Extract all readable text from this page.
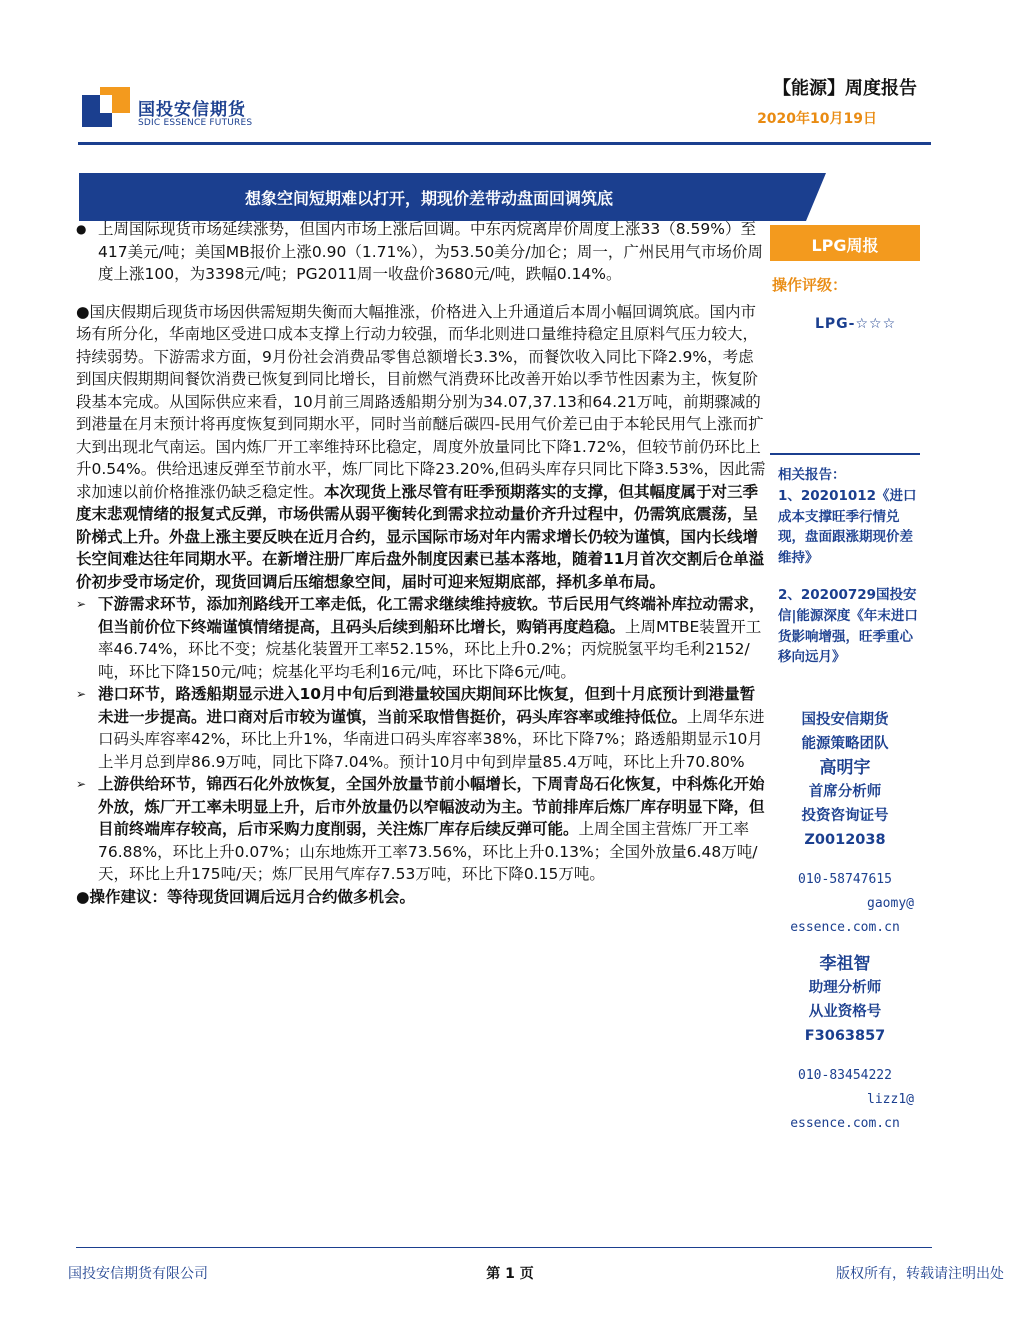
国投安信期货
SDIC ESSENCE FUTURES
【能源】周度报告
2020年10月19日
想象空间短期难以打开，期现价差带动盘面回调筑底
● 上周国际现货市场延续涨势，但国内市场上涨后回调。中东丙烷离岸价周度上涨33（8.59%）至417美元/吨；美国MB报价上涨0.90（1.71%），为53.50美分/加仑；周一，广州民用气市场价周度上涨100，为3398元/吨；PG2011周一收盘价3680元/吨，跌幅0.14%。

●国庆假期后现货市场因供需短期失衡而大幅推涨，价格进入上升通道后本周小幅回调筑底。国内市场有所分化，华南地区受进口成本支撑上行动力较强，而华北则进口量维持稳定且原料气压力较大，持续弱势。下游需求方面，9月份社会消费品零售总额增长3.3%，而餐饮收入同比下降2.9%，考虑到国庆假期期间餐饮消费已恢复到同比增长，目前燃气消费环比改善开始以季节性因素为主，恢复阶段基本完成。从国际供应来看，10月前三周路透船期分别为34.07,37.13和64.21万吨，前期骤减的到港量在月末预计将再度恢复到同期水平，同时当前醚后碳四-民用气价差已由于本轮民用气上涨而扩大到出现北气南运。国内炼厂开工率维持环比稳定，周度外放量同比下降1.72%，但较节前仍环比上升0.54%。供给迅速反弹至节前水平，炼厂同比下降23.20%,但码头库存只同比下降3.53%，因此需求加速以前价格推涨仍缺乏稳定性。本次现货上涨尽管有旺季预期落实的支撑，但其幅度属于对三季度末悲观情绪的报复式反弹，市场供需从弱平衡转化到需求拉动量价齐升过程中，仍需筑底震荡，呈阶梯式上升。外盘上涨主要反映在近月合约，显示国际市场对年内需求增长仍较为谨慎，国内长线增长空间难达往年同期水平。在新增注册厂库后盘外制度因素已基本落地，随着11月首次交割后仓单溢价初步受市场定价，现货回调后压缩想象空间，届时可迎来短期底部，择机多单布局。

➢ 下游需求环节，添加剂路线开工率走低，化工需求继续维持疲软。节后民用气终端补库拉动需求，但当前价位下终端谨慎情绪提高，且码头后续到船环比增长，购销再度趋稳。上周MTBE装置开工率46.74%，环比不变；烷基化装置开工率52.15%，环比上升0.2%；丙烷脱氢平均毛利2152/吨，环比下降150元/吨；烷基化平均毛利16元/吨，环比下降6元/吨。
➢ 港口环节，路透船期显示进入10月中旬后到港量较国庆期间环比恢复，但到十月底预计到港量暂未进一步提高。进口商对后市较为谨慎，当前采取惜售挺价，码头库容率或维持低位。上周华东进口码头库容率42%，环比上升1%，华南进口码头库容率38%，环比下降7%；路透船期显示10月上半月总到岸86.9万吨，同比下降7.04%。预计10月中旬到岸量85.4万吨，环比上升70.80%
➢ 上游供给环节，锦西石化外放恢复，全国外放量节前小幅增长，下周青岛石化恢复，中科炼化开始外放，炼厂开工率未明显上升，后市外放量仍以窄幅波动为主。节前排库后炼厂库存明显下降，但目前终端库存较高，后市采购力度削弱，关注炼厂库存后续反弹可能。上周全国主营炼厂开工率76.88%，环比上升0.07%；山东地炼开工率73.56%，环比上升0.13%；全国外放量6.48万吨/天，环比上升175吨/天；炼厂民用气库存7.53万吨，环比下降0.15万吨。

●操作建议：等待现货回调后远月合约做多机会。

LPG周报
操作评级：
LPG-☆☆☆

相关报告：

1、20201012《进口成本支撑旺季行情兑现，盘面跟涨期现价差维持》

2、20200729国投安信|能源深度《年末进口货影响增强，旺季重心移向远月》

国投安信期货

能源策略团队

高明宇

首席分析师

投资咨询证号

Z0012038

010-58747615

gaomy@

essence.com.cn

李祖智

助理分析师

从业资格号

F3063857

010-83454222

lizz1@

essence.com.cn

国投安信期货有限公司	第 1 页	版权所有，转载请注明出处
